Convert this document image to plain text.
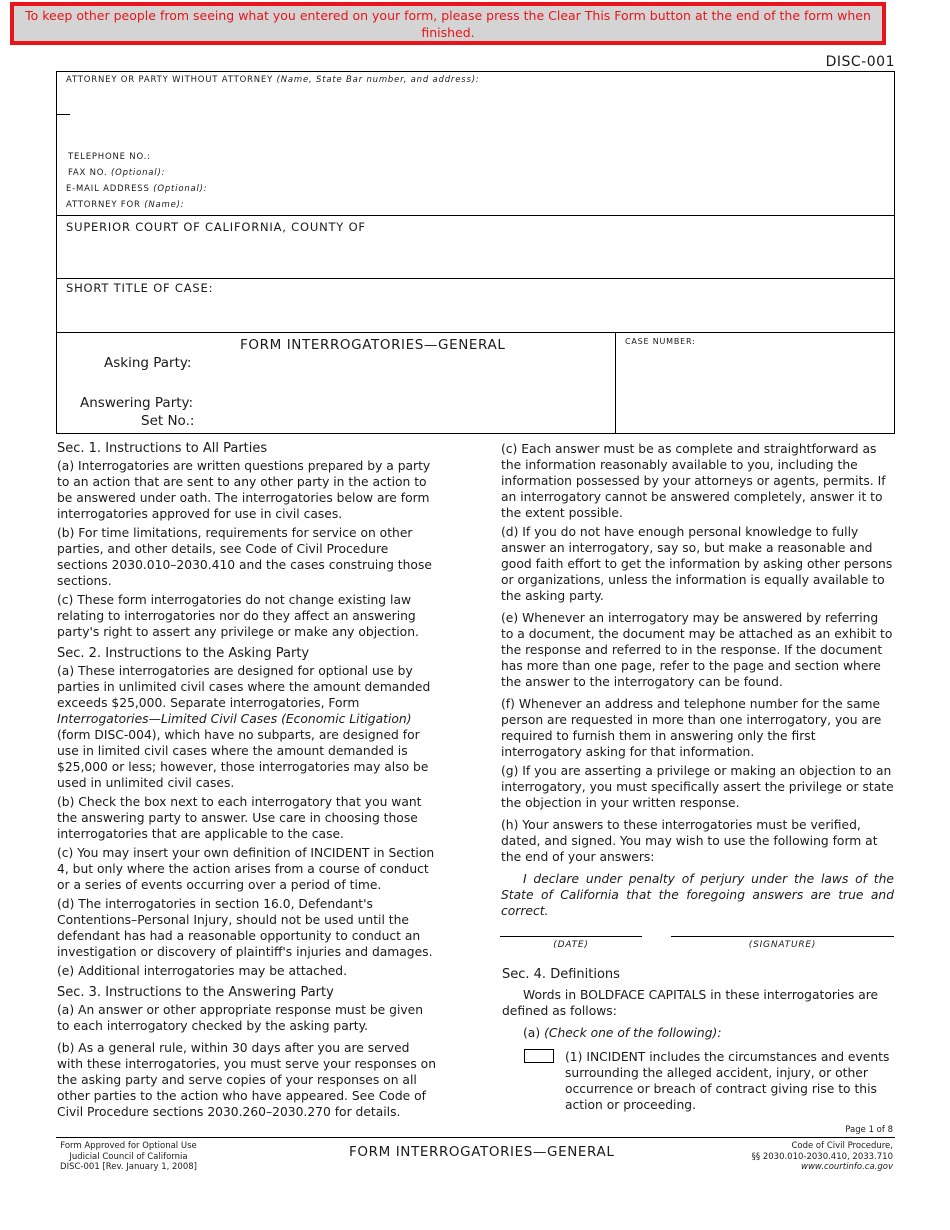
To keep other people from seeing what you entered on your form, please press the Clear This Form button at the end of the form when finished.
DISC-001
ATTORNEY OR PARTY WITHOUT ATTORNEY (Name, State Bar number, and address):
TELEPHONE NO.:
FAX NO. (Optional):
E-MAIL ADDRESS (Optional):
ATTORNEY FOR (Name):
SUPERIOR COURT OF CALIFORNIA, COUNTY OF
SHORT TITLE OF CASE:
FORM INTERROGATORIES—GENERAL
Asking Party:
Answering Party:
Set No.:
CASE NUMBER:
Sec. 1. Instructions to All Parties

(a) Interrogatories are written questions prepared by a party to an action that are sent to any other party in the action to be answered under oath. The interrogatories below are form interrogatories approved for use in civil cases.

(b) For time limitations, requirements for service on other parties, and other details, see Code of Civil Procedure sections 2030.010–2030.410 and the cases construing those sections.

(c) These form interrogatories do not change existing law relating to interrogatories nor do they affect an answering party's right to assert any privilege or make any objection.

Sec. 2. Instructions to the Asking Party

(a) These interrogatories are designed for optional use by parties in unlimited civil cases where the amount demanded exceeds $25,000. Separate interrogatories, Form Interrogatories—Limited Civil Cases (Economic Litigation) (form DISC-004), which have no subparts, are designed for use in limited civil cases where the amount demanded is $25,000 or less; however, those interrogatories may also be used in unlimited civil cases.

(b) Check the box next to each interrogatory that you want the answering party to answer. Use care in choosing those interrogatories that are applicable to the case.

(c) You may insert your own definition of INCIDENT in Section 4, but only where the action arises from a course of conduct or a series of events occurring over a period of time.

(d) The interrogatories in section 16.0, Defendant's Contentions–Personal Injury, should not be used until the defendant has had a reasonable opportunity to conduct an investigation or discovery of plaintiff's injuries and damages.

(e) Additional interrogatories may be attached.

Sec. 3. Instructions to the Answering Party

(a) An answer or other appropriate response must be given to each interrogatory checked by the asking party.

(b) As a general rule, within 30 days after you are served with these interrogatories, you must serve your responses on the asking party and serve copies of your responses on all other parties to the action who have appeared. See Code of Civil Procedure sections 2030.260–2030.270 for details.

(c) Each answer must be as complete and straightforward as the information reasonably available to you, including the information possessed by your attorneys or agents, permits. If an interrogatory cannot be answered completely, answer it to the extent possible.

(d) If you do not have enough personal knowledge to fully answer an interrogatory, say so, but make a reasonable and good faith effort to get the information by asking other persons or organizations, unless the information is equally available to the asking party.

(e) Whenever an interrogatory may be answered by referring to a document, the document may be attached as an exhibit to the response and referred to in the response. If the document has more than one page, refer to the page and section where the answer to the interrogatory can be found.

(f) Whenever an address and telephone number for the same person are requested in more than one interrogatory, you are required to furnish them in answering only the first interrogatory asking for that information.

(g) If you are asserting a privilege or making an objection to an interrogatory, you must specifically assert the privilege or state the objection in your written response.

(h) Your answers to these interrogatories must be verified, dated, and signed. You may wish to use the following form at the end of your answers:

I declare under penalty of perjury under the laws of the State of California that the foregoing answers are true and correct.

(DATE)	(SIGNATURE)
Sec. 4. Definitions

Words in BOLDFACE CAPITALS in these interrogatories are defined as follows:

(a) (Check one of the following):

(1) INCIDENT includes the circumstances and events surrounding the alleged accident, injury, or other occurrence or breach of contract giving rise to this action or proceeding.
Page 1 of 8
Form Approved for Optional Use
Judicial Council of California
DISC-001 [Rev. January 1, 2008]
FORM INTERROGATORIES—GENERAL	Code of Civil Procedure,
§§ 2030.010-2030.410, 2033.710
www.courtinfo.ca.gov
